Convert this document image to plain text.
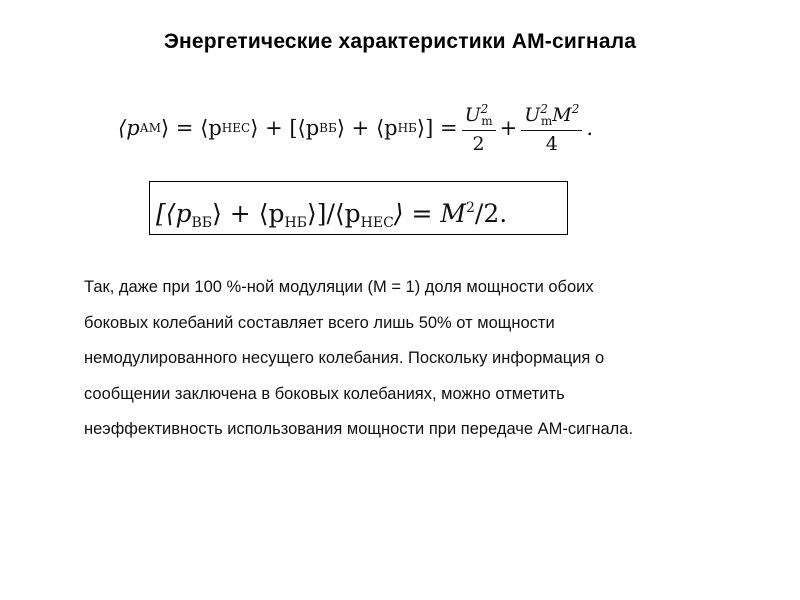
Энергетические характеристики АМ-сигнала
⟨p АМ ⟩ = ⟨p НЕС ⟩ + [⟨p ВБ ⟩ + ⟨p НБ ⟩] = $\frac{U^2_m}{2} + \frac{U^2_mM^2}{4}$ .
[$⟨p_{ВБ}⟩$ + $⟨p_{НБ}⟩]/⟨p_{НЕС}⟩ = M^2/2$.

Так, даже при 100 %-ной модуляции (M = 1) доля мощности обоих

боковых колебаний составляет всего лишь 50% от мощности

немодулированного несущего колебания. Поскольку информация о

сообщении заключена в боковых колебаниях, можно отметить

неэффективность использования мощности при передаче АМ-сигнала.
